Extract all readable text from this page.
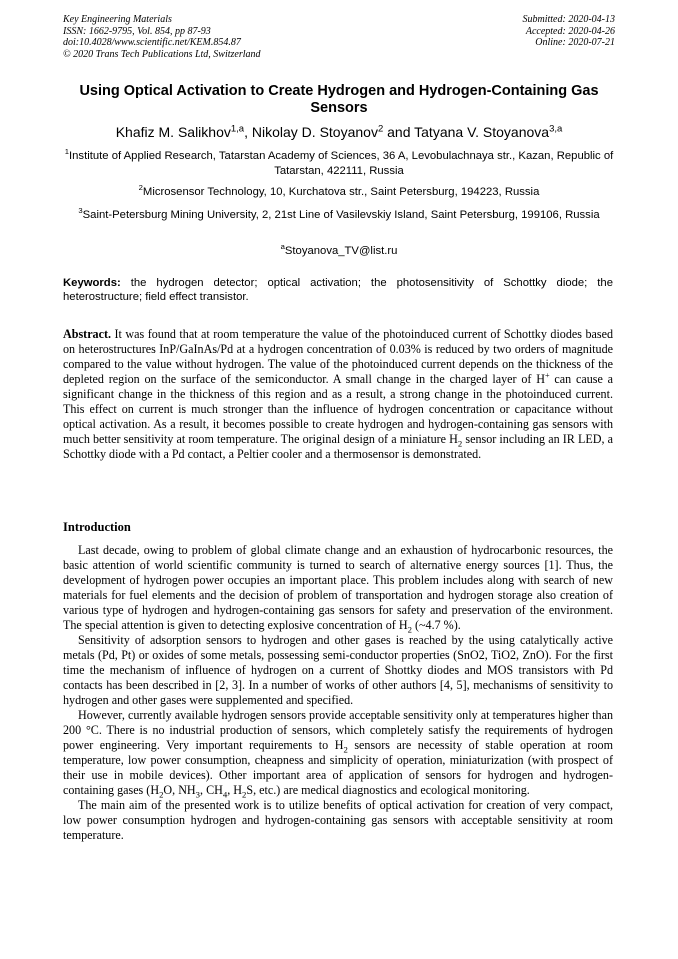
Key Engineering Materials
ISSN: 1662-9795, Vol. 854, pp 87-93
doi:10.4028/www.scientific.net/KEM.854.87
© 2020 Trans Tech Publications Ltd, Switzerland
Submitted: 2020-04-13
Accepted: 2020-04-26
Online: 2020-07-21
Using Optical Activation to Create Hydrogen and Hydrogen-Containing Gas Sensors
Khafiz M. Salikhov$^{1,a}$, Nikolay D. Stoyanov$^2$ and Tatyana V. Stoyanova$^{3,a}$
$^1$Institute of Applied Research, Tatarstan Academy of Sciences, 36 A, Levobulachnaya str., Kazan, Republic of Tatarstan, 422111, Russia
$^2$Microsensor Technology, 10, Kurchatova str., Saint Petersburg, 194223, Russia
$^3$Saint-Petersburg Mining University, 2, 21st Line of Vasilevskiy Island, Saint Petersburg, 199106, Russia
$^a$Stoyanova_TV@list.ru
Keywords: the hydrogen detector; optical activation; the photosensitivity of Schottky diode; the heterostructure; field effect transistor.
Abstract. It was found that at room temperature the value of the photoinduced current of Schottky diodes based on heterostructures InP/GaInAs/Pd at a hydrogen concentration of 0.03% is reduced by two orders of magnitude compared to the value without hydrogen. The value of the photoinduced current depends on the thickness of the depleted region on the surface of the semiconductor. A small change in the charged layer of H+ can cause a significant change in the thickness of this region and as a result, a strong change in the photoinduced current. This effect on current is much stronger than the influence of hydrogen concentration or capacitance without optical activation. As a result, it becomes possible to create hydrogen and hydrogen-containing gas sensors with much better sensitivity at room temperature. The original design of a miniature $H_2$ sensor including an IR LED, a Schottky diode with a Pd contact, a Peltier cooler and a thermosensor is demonstrated.
Introduction

Last decade, owing to problem of global climate change and an exhaustion of hydrocarbonic resources, the basic attention of world scientific community is turned to search of alternative energy sources [1]. Thus, the development of hydrogen power occupies an important place. This problem includes along with search of new materials for fuel elements and the decision of problem of transportation and hydrogen storage also creation of various type of hydrogen and hydrogen-containing gas sensors for safety and preservation of the environment. The special attention is given to detecting explosive concentration of $H_2$ (~4.7 %).

Sensitivity of adsorption sensors to hydrogen and other gases is reached by the using catalytically active metals (Pd, Pt) or oxides of some metals, possessing semi-conductor properties (SnO2, TiO2, ZnO). For the first time the mechanism of influence of hydrogen on a current of Shottky diodes and MOS transistors with Pd contacts has been described in [2, 3]. In a number of works of other authors [4, 5], mechanisms of sensitivity to hydrogen and other gases were supplemented and specified.

However, currently available hydrogen sensors provide acceptable sensitivity only at temperatures higher than 200 °C. There is no industrial production of sensors, which completely satisfy the requirements of hydrogen power engineering. Very important requirements to $H_2$ sensors are necessity of stable operation at room temperature, low power consumption, cheapness and simplicity of operation, miniaturization (with prospect of their use in mobile devices). Other important area of application of sensors for hydrogen and hydrogen-containing gases ($H_2O$, $NH_3$, $CH_4$, $H_2S$, etc.) are medical diagnostics and ecological monitoring.

The main aim of the presented work is to utilize benefits of optical activation for creation of very compact, low power consumption hydrogen and hydrogen-containing gas sensors with acceptable sensitivity at room temperature.
